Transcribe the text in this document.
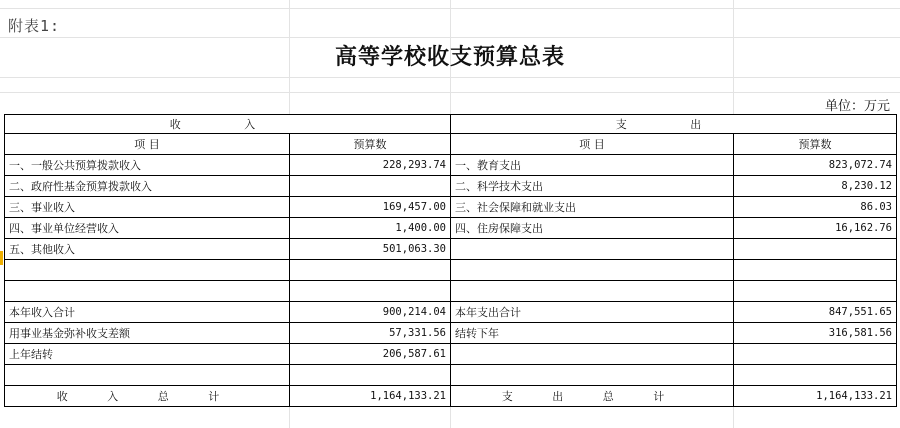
附表1:
高等学校收支预算总表
单位：万元
收 入		支 出	
项 目	预算数	项 目	预算数
一、一般公共预算拨款收入	228,293.74	一、教育支出	823,072.74
二、政府性基金预算拨款收入		二、科学技术支出	8,230.12
三、事业收入	169,457.00	三、社会保障和就业支出	86.03
四、事业单位经营收入	1,400.00	四、住房保障支出	16,162.76
五、其他收入	501,063.30		

本年收入合计	900,214.04	本年支出合计	847,551.65
用事业基金弥补收支差额	57,331.56	结转下年	316,581.56
上年结转	206,587.61		

收 入 总 计	1,164,133.21	支 出 总 计	1,164,133.21
